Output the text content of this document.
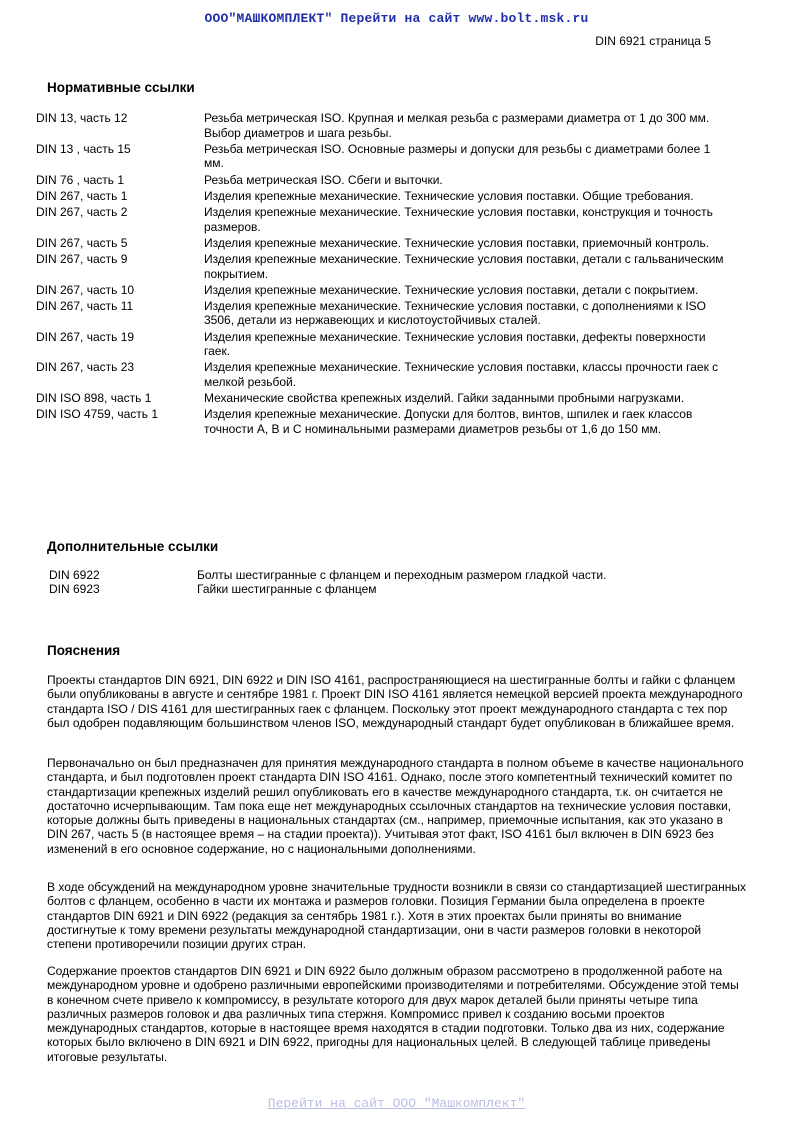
ООО"МАШКОМПЛЕКТ" Перейти на сайт www.bolt.msk.ru
DIN 6921 страница 5
Нормативные ссылки
DIN 13, часть 12	Резьба метрическая ISO. Крупная и мелкая резьба с размерами диаметра от 1 до 300 мм. Выбор диаметров и шага резьбы.
DIN 13 , часть 15	Резьба метрическая ISO. Основные размеры и допуски для резьбы с диаметрами более 1 мм.
DIN 76 , часть 1	Резьба метрическая ISO. Сбеги и выточки.
DIN 267, часть 1	Изделия крепежные механические. Технические условия поставки. Общие требования.
DIN 267, часть 2	Изделия крепежные механические. Технические условия поставки, конструкция и точность размеров.
DIN 267, часть 5	Изделия крепежные механические. Технические условия поставки, приемочный контроль.
DIN 267, часть 9	Изделия крепежные механические. Технические условия поставки, детали с гальваническим покрытием.
DIN 267, часть 10	Изделия крепежные механические. Технические условия поставки, детали с покрытием.
DIN 267, часть 11	Изделия крепежные механические. Технические условия поставки, с дополнениями к ISO 3506, детали из нержавеющих и кислотоустойчивых сталей.
DIN 267, часть 19	Изделия крепежные механические. Технические условия поставки, дефекты поверхности гаек.
DIN 267, часть 23	Изделия крепежные механические. Технические условия поставки, классы прочности гаек с мелкой резьбой.
DIN ISO 898, часть 1	Механические свойства крепежных изделий. Гайки заданными пробными нагрузками.
DIN ISO 4759, часть 1	Изделия крепежные механические. Допуски для болтов, винтов, шпилек и гаек классов точности А, В и С номинальными размерами диаметров резьбы от 1,6 до 150 мм.
Дополнительные ссылки
DIN 6922	Болты шестигранные с фланцем и переходным размером гладкой части.
DIN 6923	Гайки шестигранные с фланцем
Пояснения

Проекты стандартов DIN 6921, DIN 6922 и DIN ISO 4161, распространяющиеся на шестигранные болты и гайки с фланцем были опубликованы в августе и сентябре 1981 г. Проект DIN ISO 4161 является немецкой версией проекта международного стандарта ISO / DIS 4161 для шестигранных гаек с фланцем. Поскольку этот проект международного стандарта с тех пор был одобрен подавляющим большинством членов ISO, международный стандарт будет опубликован в ближайшее время.

Первоначально он был предназначен для принятия международного стандарта в полном объеме в качестве национального стандарта, и был подготовлен проект стандарта DIN ISO 4161. Однако, после этого компетентный технический комитет по стандартизации крепежных изделий решил опубликовать его в качестве международного стандарта, т.к. он считается не достаточно исчерпывающим. Там пока еще нет международных ссылочных стандартов на технические условия поставки, которые должны быть приведены в национальных стандартах (см., например, приемочные испытания, как это указано в DIN 267, часть 5 (в настоящее время – на стадии проекта)). Учитывая этот факт, ISO 4161 был включен в DIN 6923 без изменений в его основное содержание, но с национальными дополнениями.

В ходе обсуждений на международном уровне значительные трудности возникли в связи со стандартизацией шестигранных болтов с фланцем, особенно в части их монтажа и размеров головки. Позиция Германии была определена в проекте стандартов DIN 6921 и DIN 6922 (редакция за сентябрь 1981 г.). Хотя в этих проектах были приняты во внимание достигнутые к тому времени результаты международной стандартизации, они в части размеров головки в некоторой степени противоречили позиции других стран.

Содержание проектов стандартов DIN 6921 и DIN 6922 было должным образом рассмотрено в продолженной работе на международном уровне и одобрено различными европейскими производителями и потребителями. Обсуждение этой темы в конечном счете привело к компромиссу, в результате которого для двух марок деталей были приняты четыре типа различных размеров головок и два различных типа стержня. Компромисс привел к созданию восьми проектов международных стандартов, которые в настоящее время находятся в стадии подготовки. Только два из них, содержание которых было включено в DIN 6921 и DIN 6922, пригодны для национальных целей. В следующей таблице приведены итоговые результаты.

Перейти на сайт ООО "Машкомплект"
